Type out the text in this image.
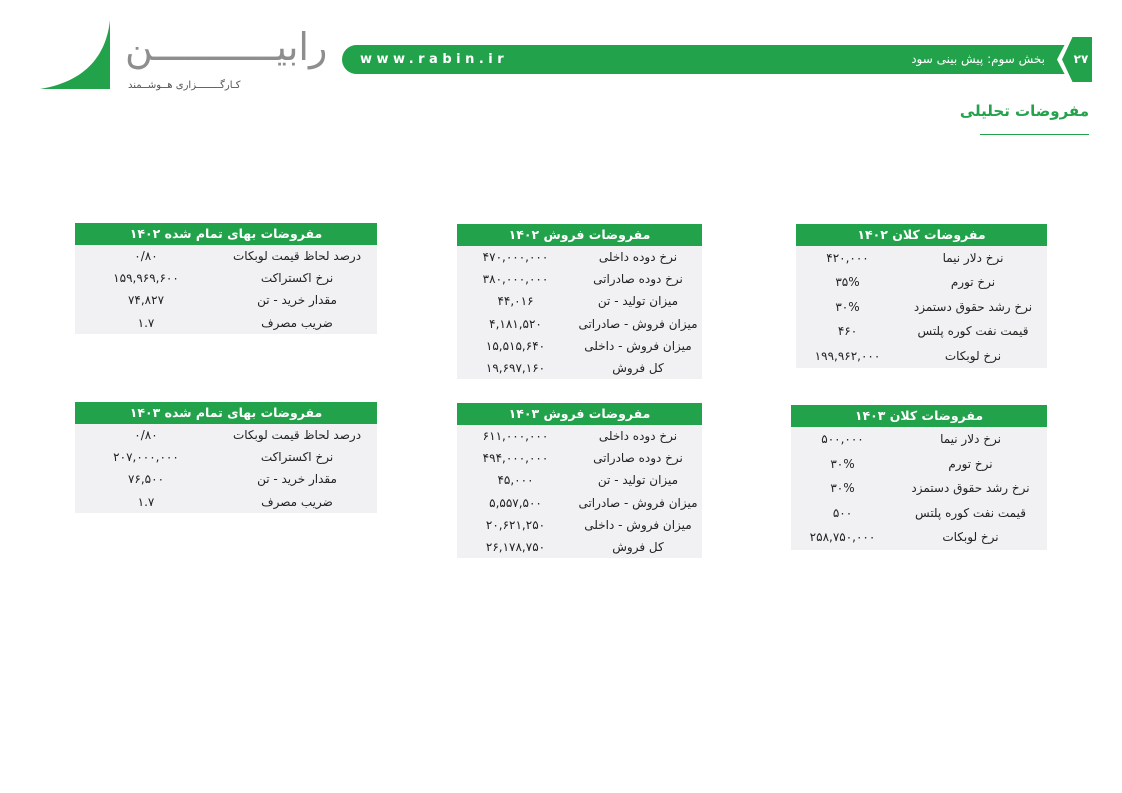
رابیـــــــــــن
کـارگــــــــزاری هــوشــمند
www.rabin.ir	بخش سوم: پیش بینی سود	۲۷
مفروضات تحلیلی
مفروضات کلان ۱۴۰۲
نرخ دلار نیما
۴۲۰,۰۰۰
نرخ تورم
۳۵%
نرخ رشد حقوق دستمزد
۳۰%
قیمت نفت کوره پلتس
۴۶۰
نرخ لوبکات
۱۹۹,۹۶۲,۰۰۰
مفروضات فروش ۱۴۰۲
نرخ دوده داخلی
۴۷۰,۰۰۰,۰۰۰
نرخ دوده صادراتی
۳۸۰,۰۰۰,۰۰۰
میزان تولید - تن
۴۴,۰۱۶
میزان فروش - صادراتی
۴,۱۸۱,۵۲۰
میزان فروش - داخلی
۱۵,۵۱۵,۶۴۰
کل فروش
۱۹,۶۹۷,۱۶۰
مفروضات بهای تمام شده ۱۴۰۲
درصد لحاظ قیمت لوبکات
۰/۸۰
نرخ اکستراکت
۱۵۹,۹۶۹,۶۰۰
مقدار خرید - تن
۷۴,۸۲۷
ضریب مصرف
۱.۷
مفروضات کلان ۱۴۰۳
نرخ دلار نیما
۵۰۰,۰۰۰
نرخ تورم
۳۰%
نرخ رشد حقوق دستمزد
۳۰%
قیمت نفت کوره پلتس
۵۰۰
نرخ لوبکات
۲۵۸,۷۵۰,۰۰۰
مفروضات فروش ۱۴۰۳
نرخ دوده داخلی
۶۱۱,۰۰۰,۰۰۰
نرخ دوده صادراتی
۴۹۴,۰۰۰,۰۰۰
میزان تولید - تن
۴۵,۰۰۰
میزان فروش - صادراتی
۵,۵۵۷,۵۰۰
میزان فروش - داخلی
۲۰,۶۲۱,۲۵۰
کل فروش
۲۶,۱۷۸,۷۵۰
مفروضات بهای تمام شده ۱۴۰۳
درصد لحاظ قیمت لوبکات
۰/۸۰
نرخ اکستراکت
۲۰۷,۰۰۰,۰۰۰
مقدار خرید - تن
۷۶,۵۰۰
ضریب مصرف
۱.۷
